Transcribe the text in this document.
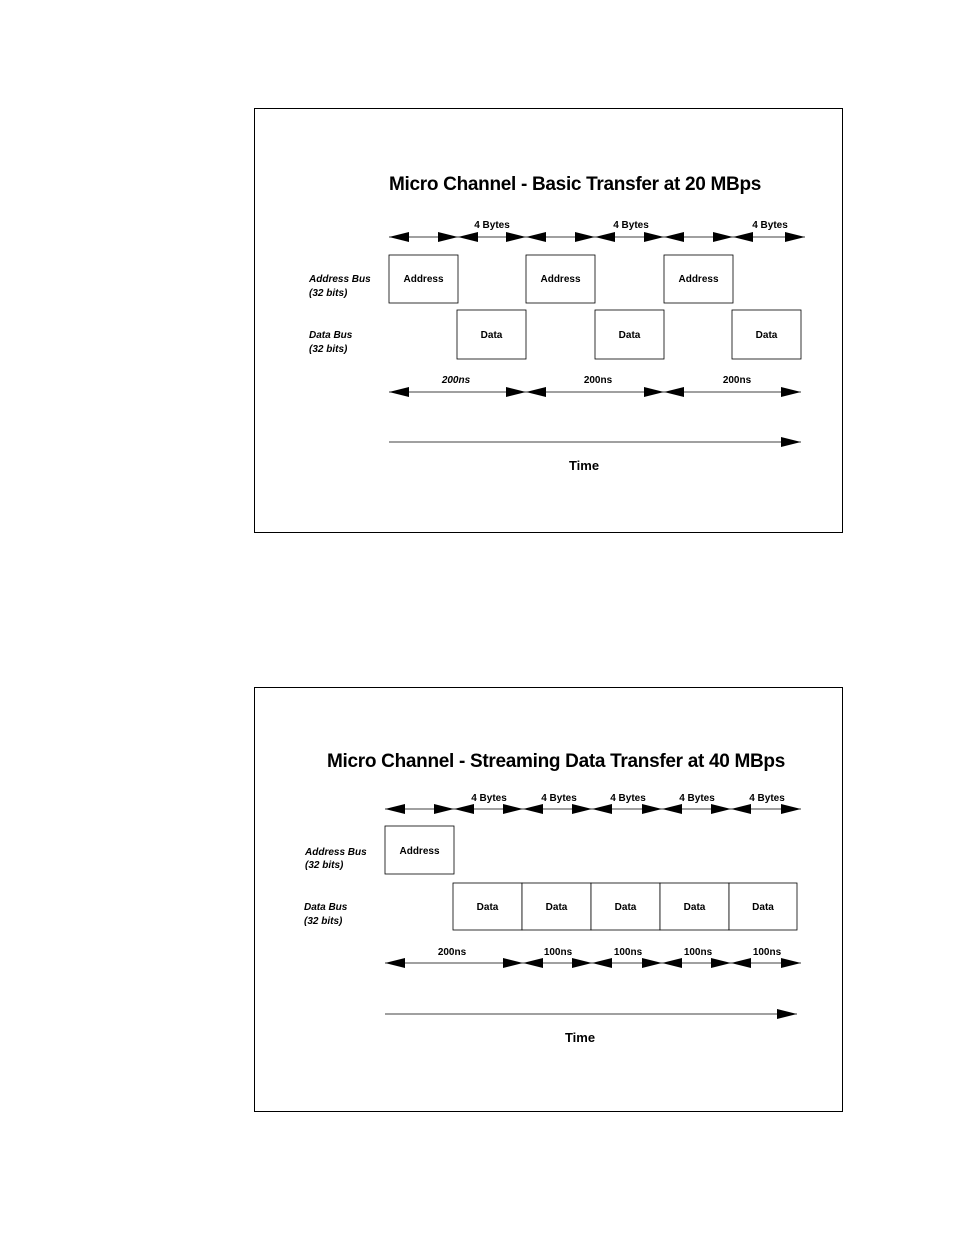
Micro Channel - Basic Transfer at 20 MBps
4 Bytes	4 Bytes	4 Bytes
Address Bus
(32 bits)
Data Bus
(32 bits)
Address	Address	Address
Data	Data	Data
200ns	200ns	200ns
Time
Micro Channel - Streaming Data Transfer at 40 MBps
4 Bytes	4 Bytes	4 Bytes	4 Bytes	4 Bytes
Address Bus
(32 bits)
Data Bus
(32 bits)
Address
Data	Data	Data	Data	Data
200ns	100ns	100ns	100ns	100ns
Time
